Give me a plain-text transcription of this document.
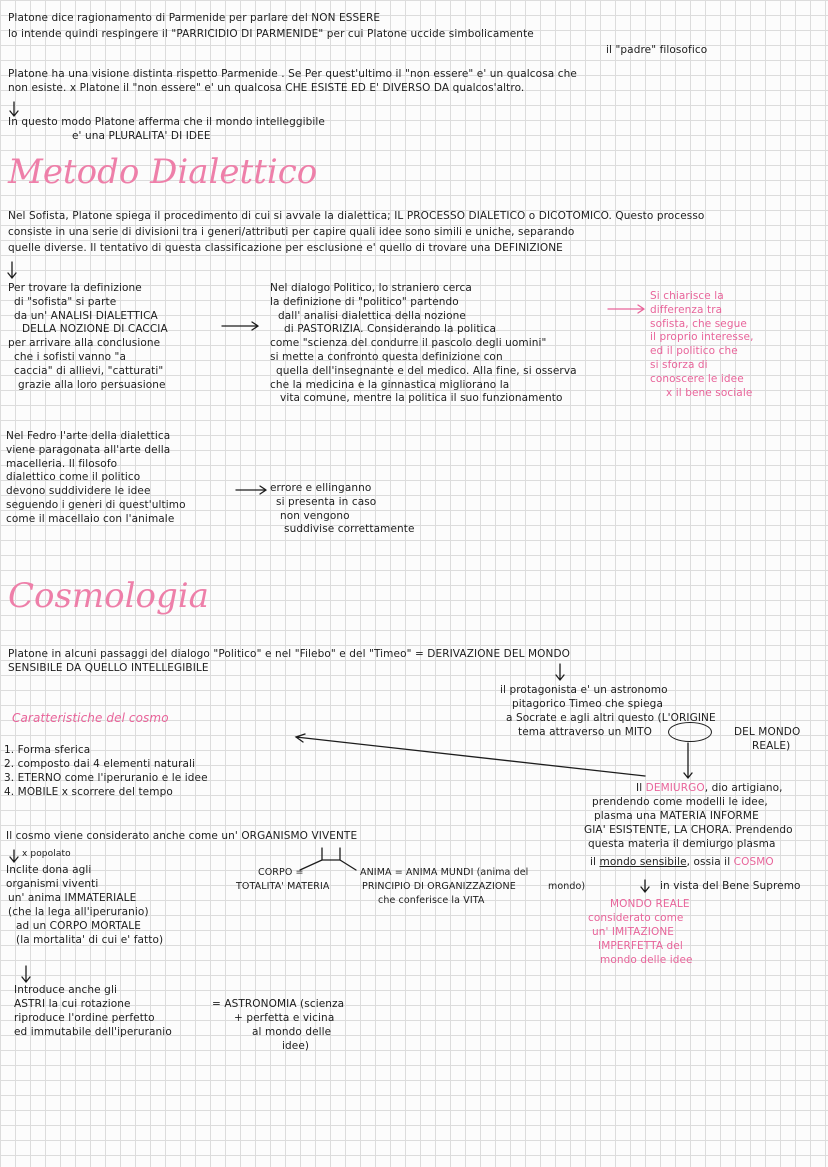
Platone dice ragionamento di Parmenide per parlare del NON ESSERE
lo intende quindi respingere il "PARRICIDIO DI PARMENIDE" per cui Platone uccide simbolicamente
il "padre" filosofico
Platone ha una visione distinta rispetto Parmenide . Se Per quest'ultimo il "non essere" e' un qualcosa che
non esiste. x Platone il "non essere" e' un qualcosa CHE ESISTE ED E' DIVERSO DA qualcos'altro.
In questo modo Platone afferma che il mondo intelleggibile
e' una PLURALITA' DI IDEE
Metodo Dialettico
Nel Sofista, Platone spiega il procedimento di cui si avvale la dialettica; IL PROCESSO DIALETICO o DICOTOMICO. Questo processo
consiste in una serie di divisioni tra i generi/attributi per capire quali idee sono simili e uniche, separando
quelle diverse. Il tentativo di questa classificazione per esclusione e' quello di trovare una DEFINIZIONE
Per trovare la definizione
di "sofista" si parte
da un' ANALISI DIALETTICA
DELLA NOZIONE DI CACCIA
per arrivare alla conclusione
che i sofisti vanno "a
caccia" di allievi, "catturati"
grazie alla loro persuasione
Nel dialogo Politico, lo straniero cerca
la definizione di "politico" partendo
dall' analisi dialettica della nozione
di PASTORIZIA. Considerando la politica
come "scienza del condurre il pascolo degli uomini"
si mette a confronto questa definizione con
quella dell'insegnante e del medico. Alla fine, si osserva
che la medicina e la ginnastica migliorano la
vita comune, mentre la politica il suo funzionamento
Si chiarisce la
differenza tra
sofista, che segue
il proprio interesse,
ed il politico che
si sforza di
conoscere le idee
x il bene sociale
Nel Fedro l'arte della dialettica
viene paragonata all'arte della
macelleria. Il filosofo
dialettico come il politico
devono suddividere le idee
seguendo i generi di quest'ultimo
come il macellaio con l'animale
errore e ellinganno
si presenta in caso
non vengono
suddivise correttamente
Cosmologia
Platone in alcuni passaggi del dialogo "Politico" e nel "Filebo" e del "Timeo" = DERIVAZIONE DEL MONDO
SENSIBILE DA QUELLO INTELLEGIBILE
il protagonista e' un astronomo
pitagorico Timeo che spiega
a Socrate e agli altri questo (L'ORIGINE
tema attraverso un MITO	DEL MONDO
REALE)
Caratteristiche del cosmo
1. Forma sferica
2. composto dai 4 elementi naturali
3. ETERNO come l'iperuranio e le idee
4. MOBILE x scorrere del tempo	Il DEMIURGO, dio artigiano,
prendendo come modelli le idee,
plasma una MATERIA INFORME
GIA' ESISTENTE, LA CHORA. Prendendo
questa materia il demiurgo plasma
il mondo sensibile, ossia il COSMO
in vista del Bene Supremo
MONDO REALE
considerato come
un' IMITAZIONE
IMPERFETTA del
mondo delle idee
Il cosmo viene considerato anche come un' ORGANISMO VIVENTE
x popolato
Inclite dona agli
organismi viventi
un' anima IMMATERIALE
(che la lega all'iperuranio)
ad un CORPO MORTALE
(la mortalita' di cui e' fatto)
CORPO =
TOTALITA' MATERIA
ANIMA = ANIMA MUNDI (anima del
PRINCIPIO DI ORGANIZZAZIONE	mondo)
che conferisce la VITA
Introduce anche gli
ASTRI la cui rotazione
riproduce l'ordine perfetto
ed immutabile dell'iperuranio
= ASTRONOMIA (scienza
+ perfetta e vicina
al mondo delle
idee)
